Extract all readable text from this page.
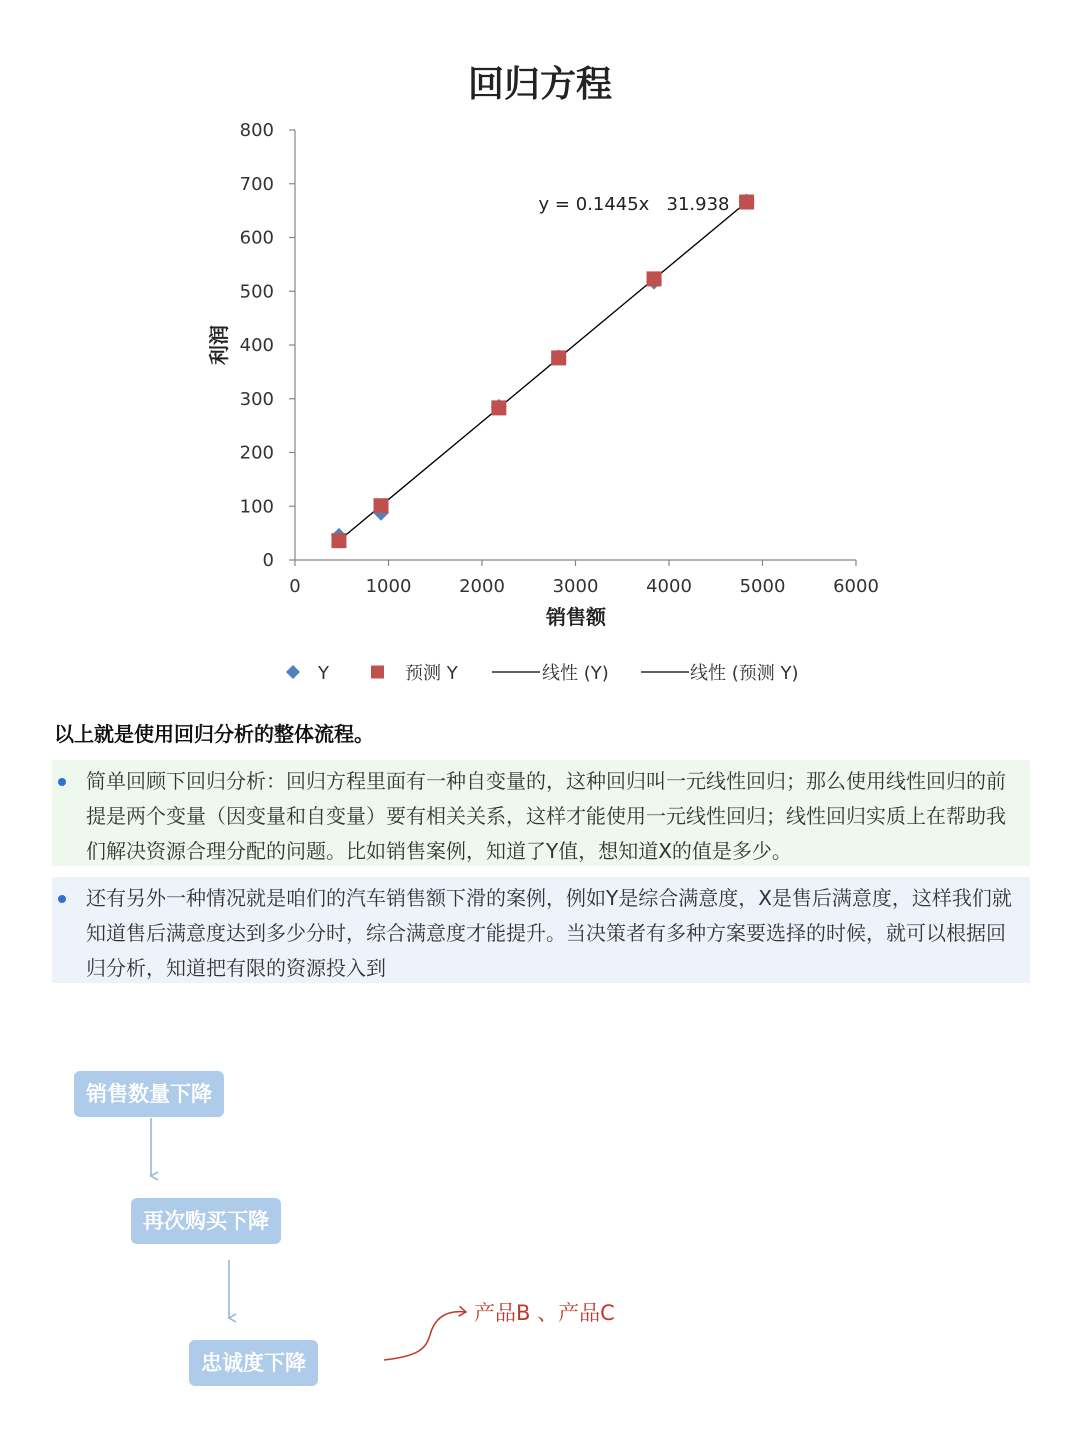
回归方程
0
100
200
300
400
500
600
700
800
0	1000	2000	3000	4000	5000	6000
y = 0.1445x   31.938
销售额
利润
Y	预测 Y	线性 (Y)	线性 (预测 Y)

以上就是使用回归分析的整体流程。

简单回顾下回归分析：回归方程里面有一种自变量的，这种回归叫一元线性回归；那么使用线性回归的前提是两个变量（因变量和自变量）要有相关关系，这样才能使用一元线性回归；线性回归实质上在帮助我们解决资源合理分配的问题。比如销售案例，知道了Y值，想知道X的值是多少。
还有另外一种情况就是咱们的汽车销售额下滑的案例，例如Y是综合满意度，X是售后满意度，这样我们就知道售后满意度达到多少分时，综合满意度才能提升。当决策者有多种方案要选择的时候，就可以根据回归分析，知道把有限的资源投入到
销售数量下降
再次购买下降
忠诚度下降
产品B 、产品C
